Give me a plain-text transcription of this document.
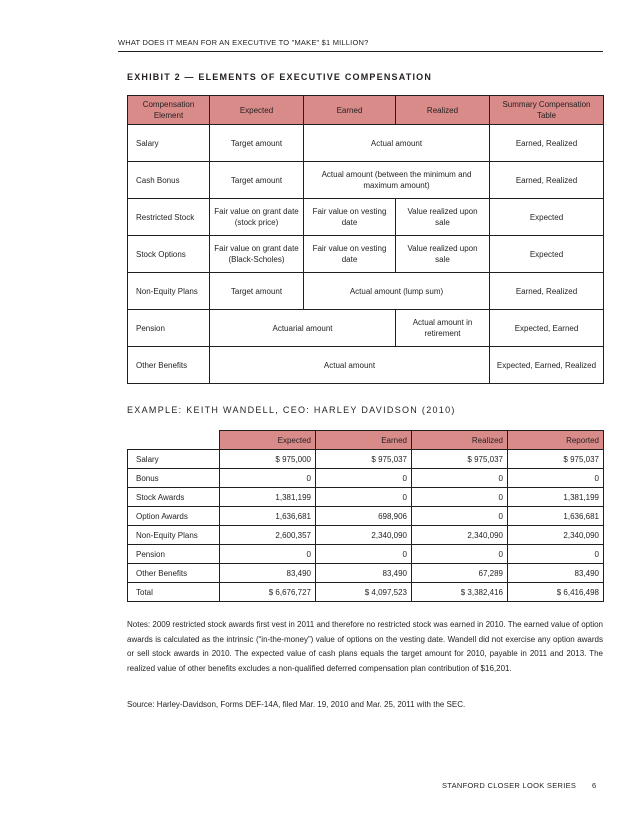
WHAT DOES IT MEAN FOR AN EXECUTIVE TO "MAKE" $1 MILLION?
EXHIBIT 2 — ELEMENTS OF EXECUTIVE COMPENSATION
Compensation Element	Expected	Earned	Realized	Summary Compensation Table
Salary	Target amount	Actual amount		Earned, Realized
Cash Bonus	Target amount	Actual amount (between the minimum and maximum amount)		Earned, Realized
Restricted Stock	Fair value on grant date (stock price)	Fair value on vesting date	Value realized upon sale	Expected
Stock Options	Fair value on grant date (Black-Scholes)	Fair value on vesting date	Value realized upon sale	Expected
Non-Equity Plans	Target amount	Actual amount (lump sum)		Earned, Realized
Pension	Actuarial amount		Actual amount in retirement	Expected, Earned
Other Benefits	Actual amount			Expected, Earned, Realized
EXAMPLE: KEITH WANDELL, CEO: HARLEY DAVIDSON (2010)
	Expected	Earned	Realized	Reported
Salary	$ 975,000	$ 975,037	$ 975,037	$ 975,037
Bonus	0	0	0	0
Stock Awards	1,381,199	0	0	1,381,199
Option Awards	1,636,681	698,906	0	1,636,681
Non-Equity Plans	2,600,357	2,340,090	2,340,090	2,340,090
Pension	0	0	0	0
Other Benefits	83,490	83,490	67,289	83,490
Total	$ 6,676,727	$ 4,097,523	$ 3,382,416	$ 6,416,498
Notes: 2009 restricted stock awards first vest in 2011 and therefore no restricted stock was earned in 2010. The earned value of option awards is calculated as the intrinsic (“in-the-money”) value of options on the vesting date. Wandell did not exercise any option awards or sell stock awards in 2010. The expected value of cash plans equals the target amount for 2010, payable in 2011 and 2013. The realized value of other benefits excludes a non-qualified deferred compensation plan contribution of $16,201.
Source: Harley-Davidson, Forms DEF-14A, filed Mar. 19, 2010 and Mar. 25, 2011 with the SEC.
STANFORD CLOSER LOOK SERIES 6
